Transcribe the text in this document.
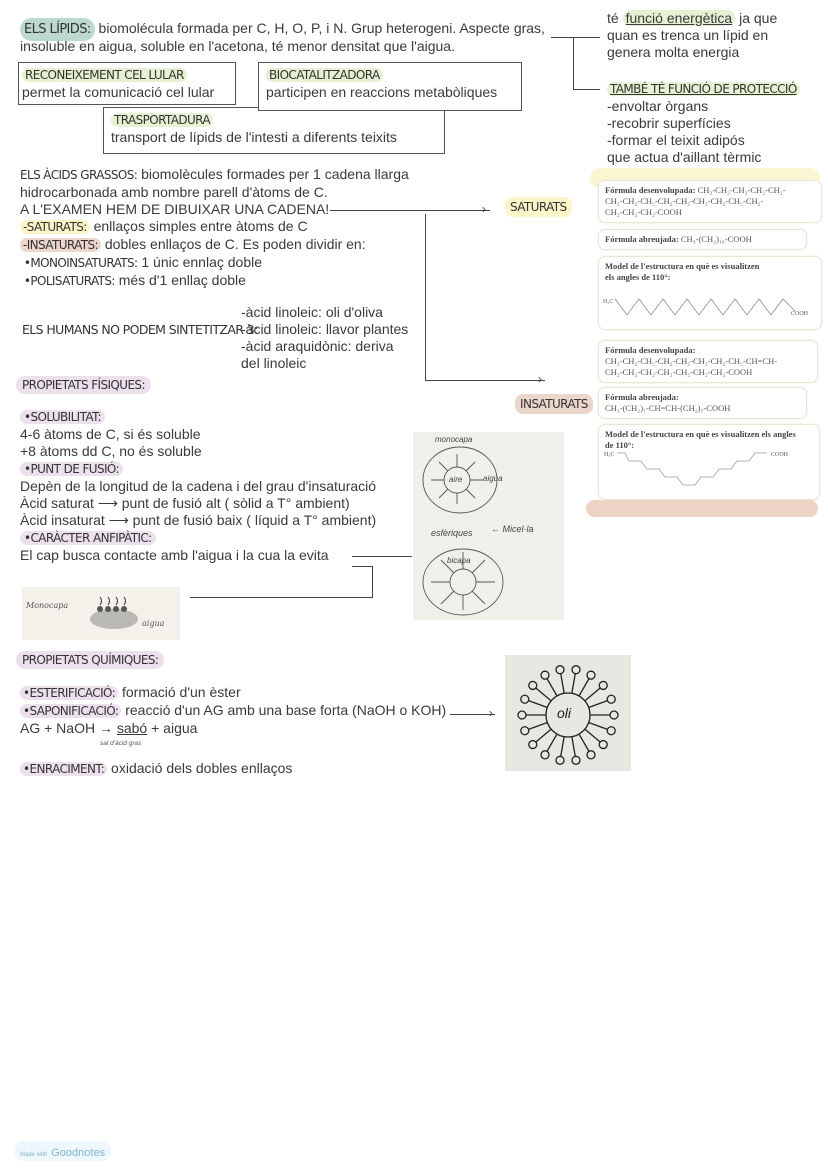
ELS LÍPIDS: biomolécula formada per C, H, O, P, i N. Grup heterogeni. Aspecte gras,
insoluble en aigua, soluble en l'acetona, té menor densitat que l'aigua.
TRASPORTADURA
transport de lípids de l'intesti a diferents teixits
RECONEIXEMENT CEL LULAR
permet la comunicació cel lular
BIOCATALITZADORA
participen en reaccions metabòliques
té funció energètica ja que
quan es trenca un lípid en
genera molta energia
TAMBÉ TÉ FUNCIÓ DE PROTECCIÓ
-envoltar òrgans
-recobrir superfícies
-formar el teixit adipós
que actua d'aillant tèrmic
ELS ÀCIDS GRASSOS: biomolècules formades per 1 cadena llarga
hidrocarbonada amb nombre parell d'àtoms de C.
A L'EXAMEN HEM DE DIBUIXAR UNA CADENA!
-SATURATS: enllaços simples entre àtoms de C
-INSATURATS: dobles enllaços de C. Es poden dividir en:
•MONOINSATURATS: 1 únic ennlaç doble
•POLISATURATS: més d'1 enllaç doble
›
›
SATURATS
INSATURATS
ELS HUMANS NO PODEM SINTETITZAR 3:
-àcid linoleic: oli d'oliva
-àcid linoleic: llavor plantes
-àcid araquidònic: deriva
del linoleic
Fórmula desenvolupada: CH₃-CH₂-CH₂-CH₂-CH₂-
CH₂-CH₂-CH₂-CH₂-CH₂-CH₂-CH₂-CH₂-CH₂-
CH₂-CH₂-CH₂-COOH
Fórmula abreujada: CH₃-(CH₂)₁₆-COOH
Model de l'estructura en què es visualitzen
els angles de 110°:
H₃C
COOH
Fórmula desenvolupada:
CH₃-CH₂-CH₂-CH₂-CH₂-CH₂-CH₂-CH₂-CH=CH-
CH₂-CH₂-CH₂-CH₂-CH₂-CH₂-CH₂-COOH
Fórmula abreujada:
CH₃-(CH₂)₇-CH=CH-(CH₂)₇-COOH
Model de l'estructura en què es visualitzen els angles
de 110°:
H₃C	COOH
PROPIETATS FÍSIQUES:
•SOLUBILITAT:
4-6 àtoms de C, si és soluble
+8 àtoms dd C, no és soluble
•PUNT DE FUSIÓ:
Depèn de la longitud de la cadena i del grau d'insaturació
Àcid saturat ⟶ punt de fusió alt ( sòlid a T° ambient)
Àcid insaturat ⟶ punt de fusió baix ( líquid a T° ambient)
•CARÀCTER ANFIPÀTIC:
El cap busca contacte amb l'aigua i la cua la evita
Monocapa
aigua
monocapa
aire	aigua
esfèriques ← Micel·la
bicapa
PROPIETATS QUÍMIQUES:
•ESTERIFICACIÓ: formació d'un èster
•SAPONIFICACIÓ: reacció d'un AG amb una base forta (NaOH o KOH)
AG + NaOH → sabó + aigua
sal d'àcid gras
•ENRACIMENT: oxidació dels dobles enllaços
›	oli
Made with Goodnotes
